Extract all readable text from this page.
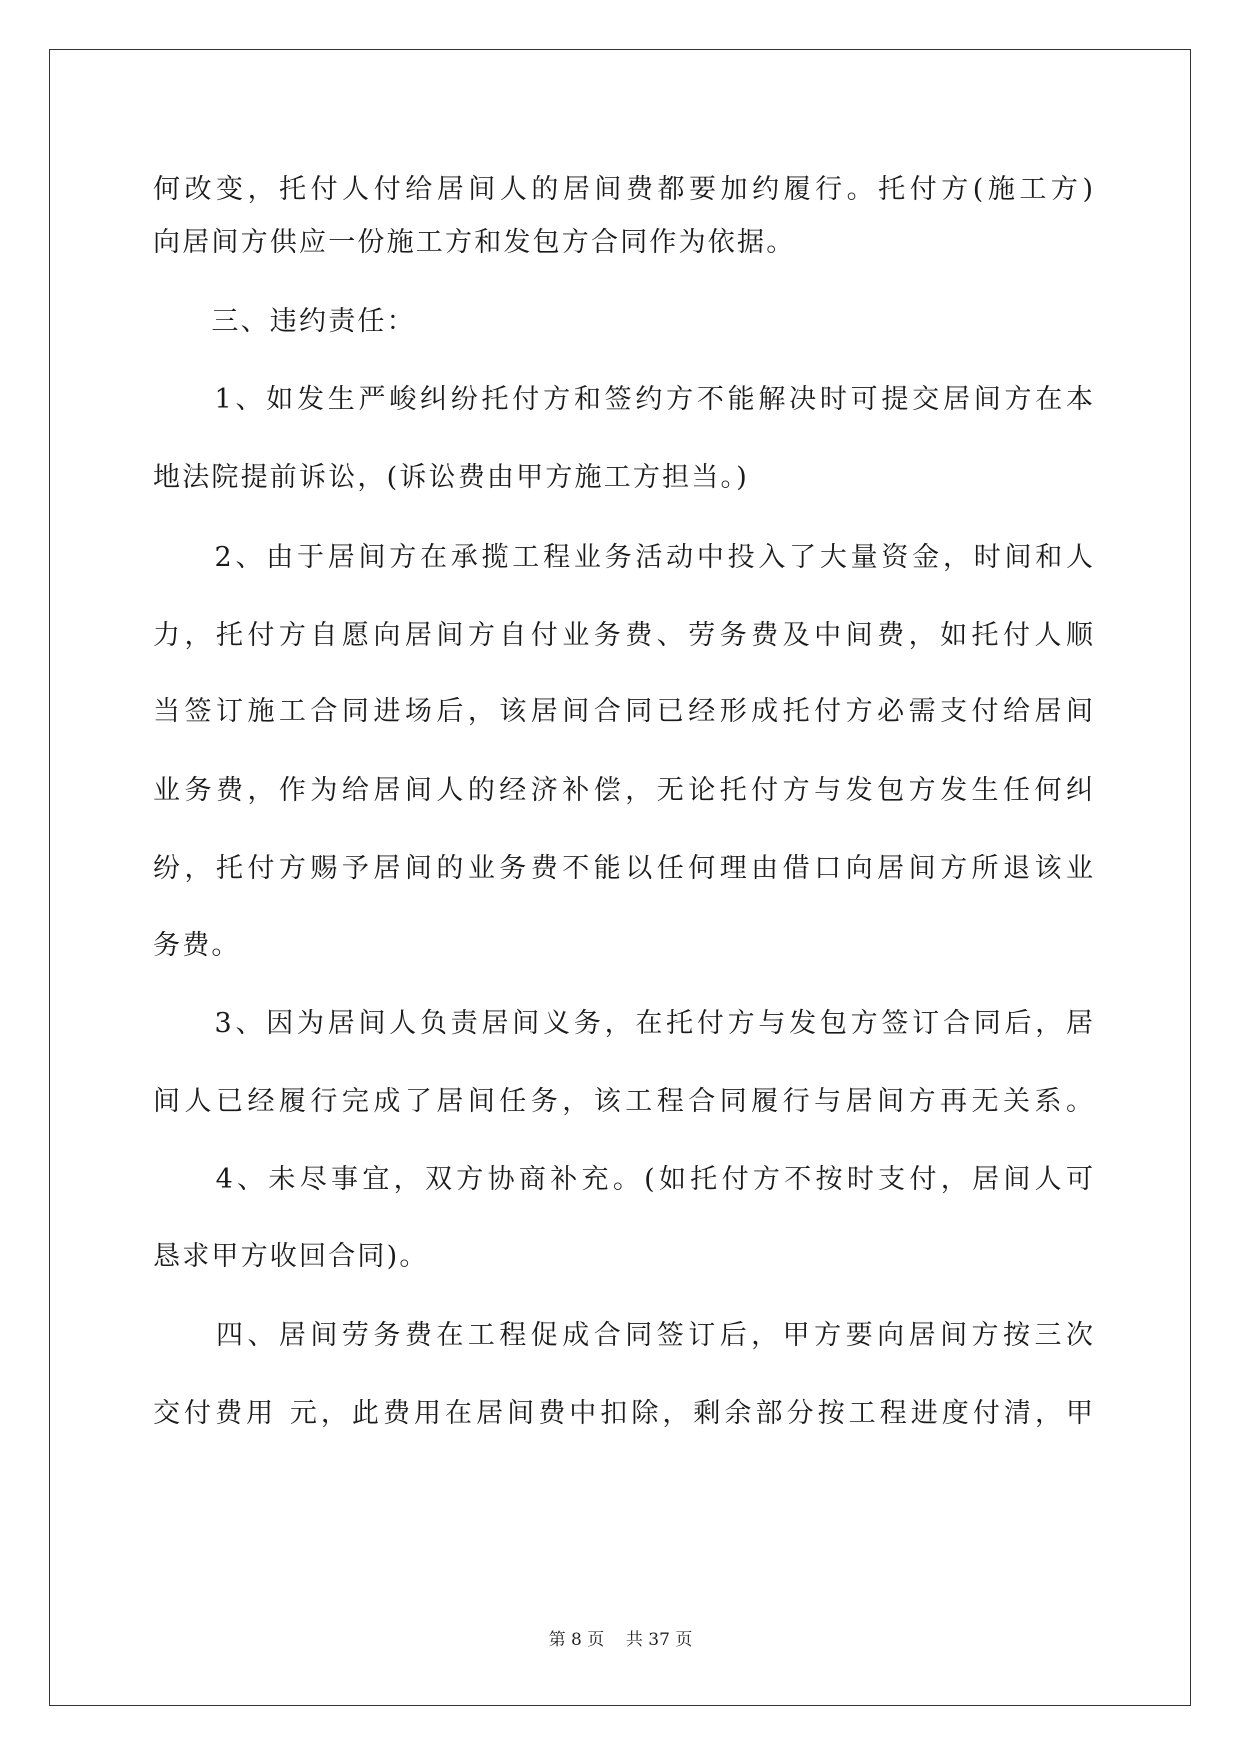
何改变，托付人付给居间人的居间费都要加约履行。托付方(施工方)
向居间方供应一份施工方和发包方合同作为依据。
　　三、违约责任：
　　1、如发生严峻纠纷托付方和签约方不能解决时可提交居间方在本
地法院提前诉讼，(诉讼费由甲方施工方担当。)
　　2、由于居间方在承揽工程业务活动中投入了大量资金，时间和人
力，托付方自愿向居间方自付业务费、劳务费及中间费，如托付人顺
当签订施工合同进场后，该居间合同已经形成托付方必需支付给居间
业务费，作为给居间人的经济补偿，无论托付方与发包方发生任何纠
纷，托付方赐予居间的业务费不能以任何理由借口向居间方所退该业
务费。
　　3、因为居间人负责居间义务，在托付方与发包方签订合同后，居
间人已经履行完成了居间任务，该工程合同履行与居间方再无关系。
　　4、未尽事宜，双方协商补充。(如托付方不按时支付，居间人可
恳求甲方收回合同)。
　　四、居间劳务费在工程促成合同签订后，甲方要向居间方按三次
交付费用 元，此费用在居间费中扣除，剩余部分按工程进度付清，甲
第 8 页    共 37 页
